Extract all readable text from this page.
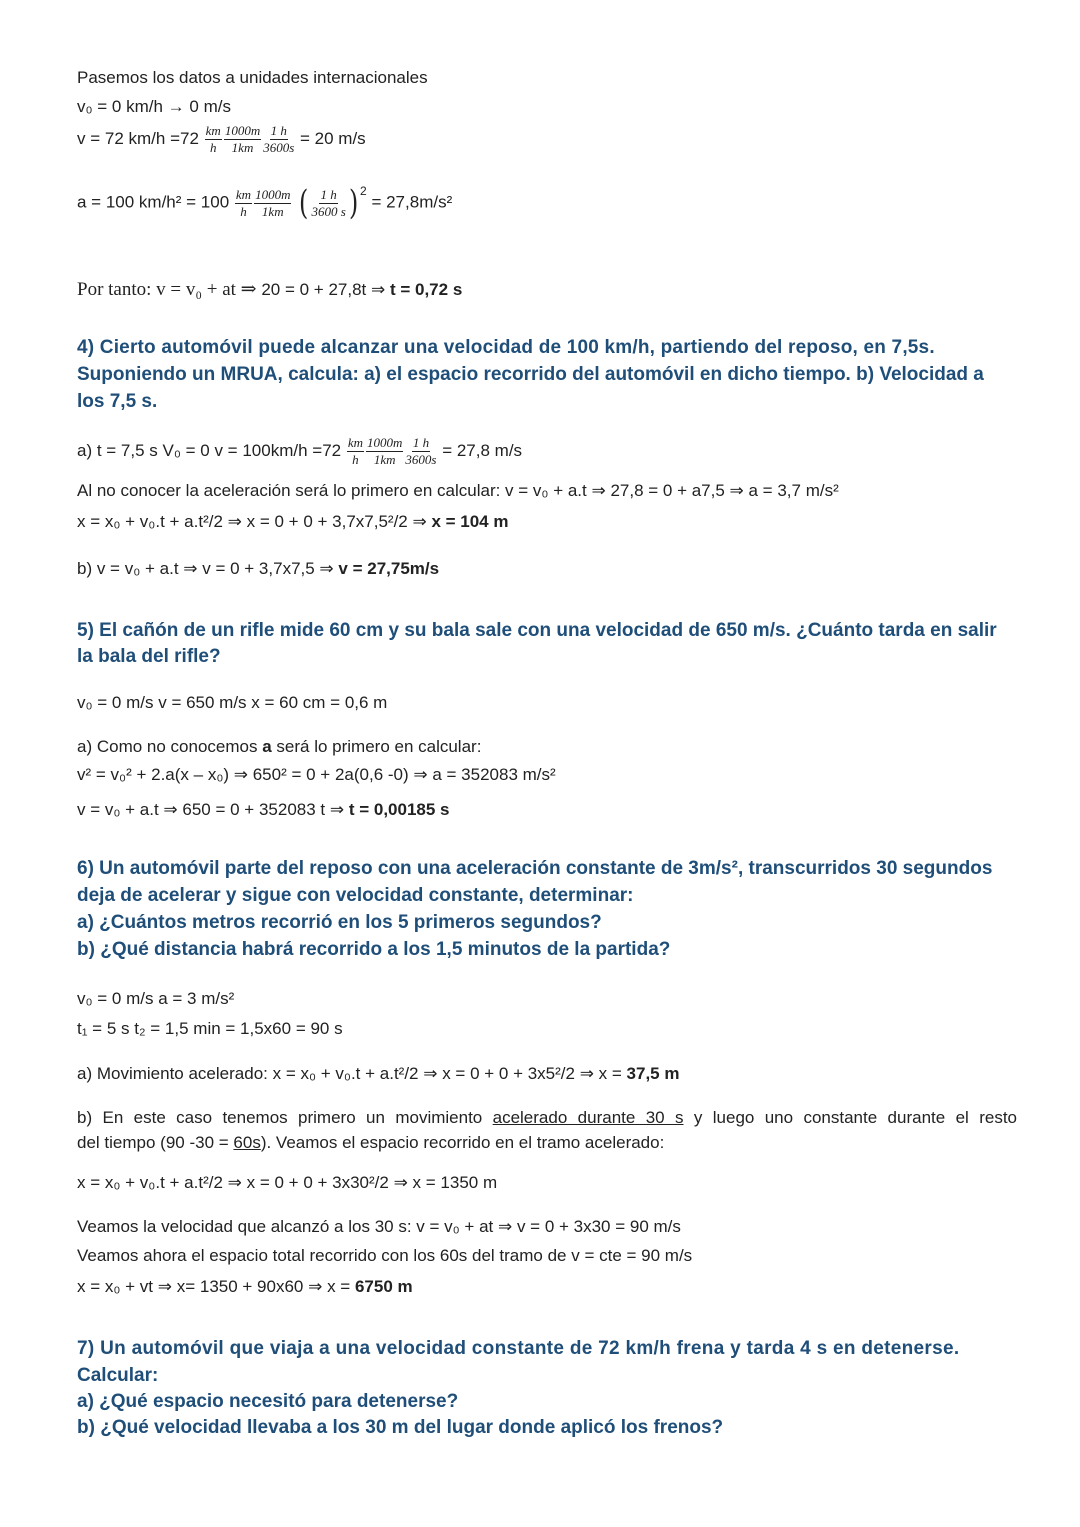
Pasemos los datos a unidades internacionales
v₀ = 0 km/h → 0 m/s
v = 72 $km/h =72 \frac{km}{h} \frac{1000m}{1km} \frac{1 h}{3600s} = 20$ m/s
a = 100 $km/h^2 = 100 \frac{km}{h} \frac{1000m}{1km}$ ( $\frac{1 h}{3600 s}$ ) $^2$ = 27,8m/s²
Por tanto: v = v₀ + at ⇒ 20 = 0 + 27,8t ⇒ t = 0,72 s
4) Cierto automóvil puede alcanzar una velocidad de 100 km/h, partiendo del reposo, en 7,5s.
Suponiendo un MRUA, calcula: a) el espacio recorrido del automóvil en dicho tiempo. b) Velocidad a
los 7,5 s.
a) t = 7,5 s V₀ = 0 $v = 100km/h =72 \frac{km}{h} \frac{1000m}{1km} \frac{1 h}{3600s} = 27,8$ m/s
Al no conocer la aceleración será lo primero en calcular: v = v₀ + a.t ⇒ 27,8 = 0 + a7,5 ⇒ a = 3,7 m/s²
x = x₀ + v₀.t + a.t²/2 ⇒ x = 0 + 0 + 3,7x7,5²/2 ⇒ x = 104 m
b) v = v₀ + a.t ⇒ v = 0 + 3,7x7,5 ⇒ v = 27,75m/s
5) El cañón de un rifle mide 60 cm y su bala sale con una velocidad de 650 m/s. ¿Cuánto tarda en salir
la bala del rifle?
v₀ = 0 m/s v = 650 m/s x = 60 cm = 0,6 m
a) Como no conocemos a será lo primero en calcular:
v² = v₀² + 2.a(x – x₀) ⇒ 650² = 0 + 2a(0,6 -0) ⇒ a = 352083 m/s²
v = v₀ + a.t ⇒ 650 = 0 + 352083 t ⇒ t = 0,00185 s
6) Un automóvil parte del reposo con una aceleración constante de 3m/s², transcurridos 30 segundos
deja de acelerar y sigue con velocidad constante, determinar:
a) ¿Cuántos metros recorrió en los 5 primeros segundos?
b) ¿Qué distancia habrá recorrido a los 1,5 minutos de la partida?
v₀ = 0 m/s a = 3 m/s²
t₁ = 5 s t₂ = 1,5 min = 1,5x60 = 90 s
a) Movimiento acelerado: x = x₀ + v₀.t + a.t²/2 ⇒ x = 0 + 0 + 3x5²/2 ⇒ x = 37,5 m
b) En este caso tenemos primero un movimiento acelerado durante 30 s y luego uno constante durante el resto
del tiempo (90 -30 = 60s). Veamos el espacio recorrido en el tramo acelerado:
x = x₀ + v₀.t + a.t²/2 ⇒ x = 0 + 0 + 3x30²/2 ⇒ x = 1350 m
Veamos la velocidad que alcanzó a los 30 s: v = v₀ + at ⇒ v = 0 + 3x30 = 90 m/s
Veamos ahora el espacio total recorrido con los 60s del tramo de v = cte = 90 m/s
x = x₀ + vt ⇒ x= 1350 + 90x60 ⇒ x = 6750 m
7) Un automóvil que viaja a una velocidad constante de 72 km/h frena y tarda 4 s en detenerse.
Calcular:
a) ¿Qué espacio necesitó para detenerse?
b) ¿Qué velocidad llevaba a los 30 m del lugar donde aplicó los frenos?
